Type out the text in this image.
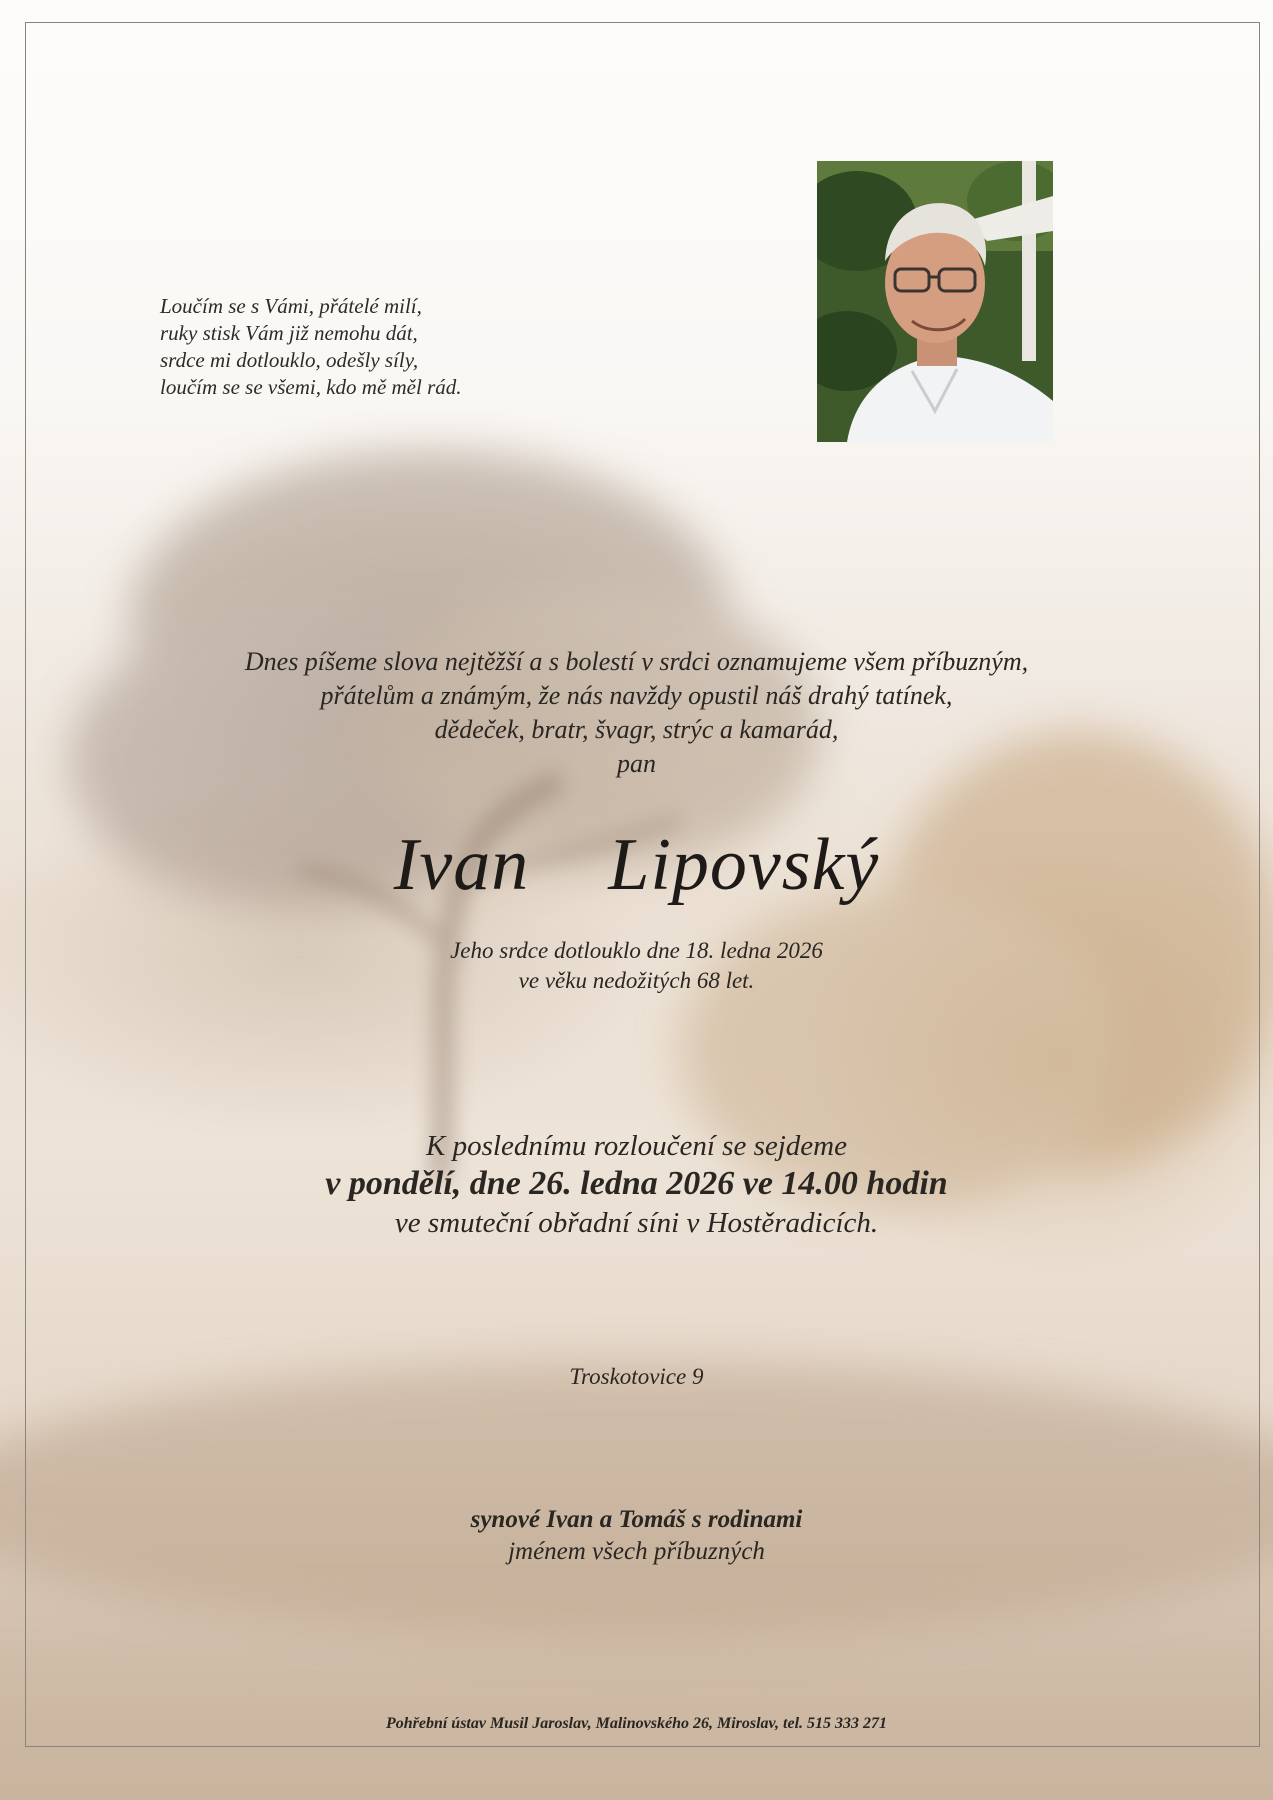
Loučím se s Vámi, přátelé milí,
ruky stisk Vám již nemohu dát,
srdce mi dotlouklo, odešly síly,
loučím se se všemi, kdo mě měl rád.
Dnes píšeme slova nejtěžší a s bolestí v srdci oznamujeme všem příbuzným,
přátelům a známým, že nás navždy opustil náš drahý tatínek,
dědeček, bratr, švagr, strýc a kamarád,
pan
Ivan  Lipovský
Jeho srdce dotlouklo dne 18. ledna 2026
ve věku nedožitých 68 let.
K poslednímu rozloučení se sejdeme
v pondělí, dne 26. ledna 2026 ve 14.00 hodin
ve smuteční obřadní síni v Hostěradicích.
Troskotovice 9
synové Ivan a Tomáš s rodinami
jménem všech příbuzných
Pohřební ústav Musil Jaroslav, Malinovského 26, Miroslav, tel. 515 333 271
